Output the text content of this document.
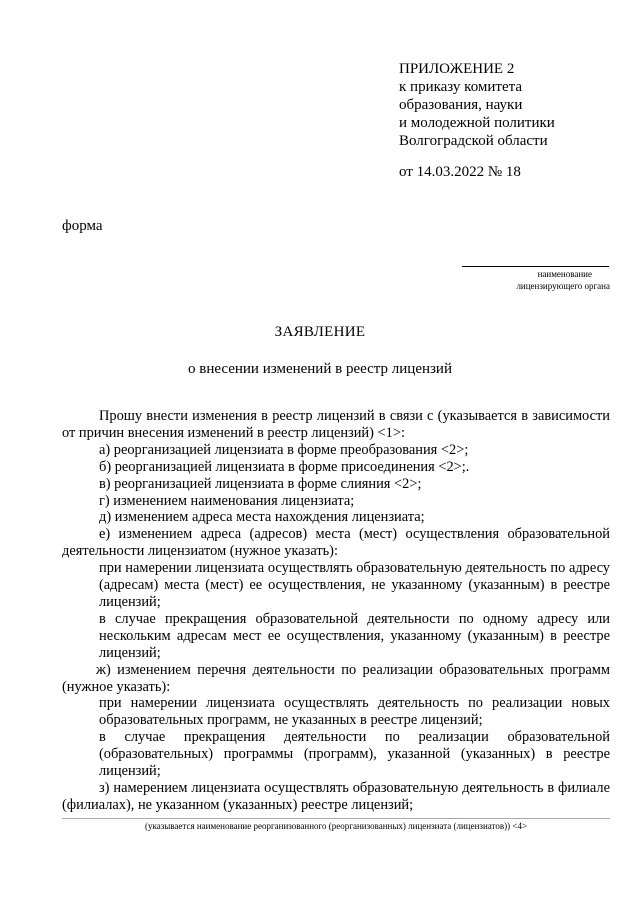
ПРИЛОЖЕНИЕ 2
к приказу комитета
образования, науки
и молодежной политики
Волгоградской области
от 14.03.2022 № 18
форма
наименование
лицензирующего органа
ЗАЯВЛЕНИЕ
о внесении изменений в реестр лицензий
Прошу внести изменения в реестр лицензий в связи с (указывается в зависимости от причин внесения изменений в реестр лицензий) <1>:
а) реорганизацией лицензиата в форме преобразования <2>;
б) реорганизацией лицензиата в форме присоединения <2>;.
в) реорганизацией лицензиата в форме слияния <2>;
г) изменением наименования лицензиата;
д) изменением адреса места нахождения лицензиата;
е) изменением адреса (адресов) места (мест) осуществления образовательной деятельности лицензиатом (нужное указать):
при намерении лицензиата осуществлять образовательную деятельность по адресу (адресам) места (мест) ее осуществления, не указанному (указанным) в реестре лицензий;
в случае прекращения образовательной деятельности по одному адресу или нескольким адресам мест ее осуществления, указанному (указанным) в реестре лицензий;
ж) изменением перечня деятельности по реализации образовательных программ (нужное указать):
при намерении лицензиата осуществлять деятельность по реализации новых образовательных программ, не указанных в реестре лицензий;
в случае прекращения деятельности по реализации образовательной (образовательных) программы (программ), указанной (указанных) в реестре лицензий;
з) намерением лицензиата осуществлять образовательную деятельность в филиале (филиалах), не указанном (указанных) реестре лицензий;
(указывается наименование реорганизованного (реорганизованных) лицензиата (лицензиатов)) <4>
